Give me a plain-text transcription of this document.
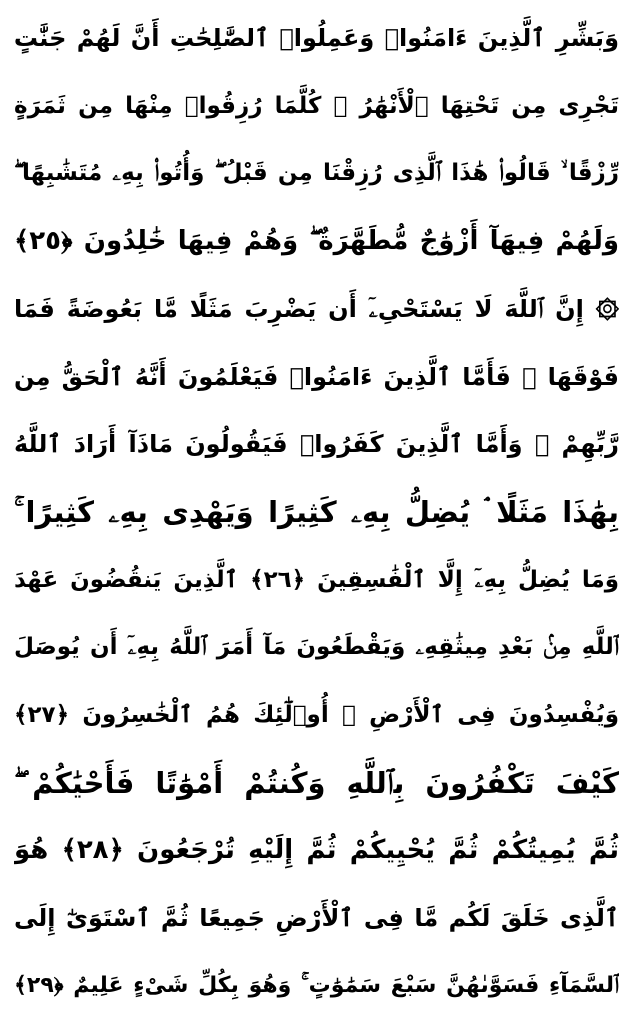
وَبَشِّرِ ٱلَّذِينَ ءَامَنُوا۟ وَعَمِلُوا۟ ٱلصَّٰلِحَٰتِ أَنَّ لَهُمْ جَنَّٰتٍ
تَجْرِى مِن تَحْتِهَا ٱلْأَنْهَٰرُ ۖ كُلَّمَا رُزِقُوا۟ مِنْهَا مِن ثَمَرَةٍ
رِّزْقًا ۙ قَالُوا۟ هَٰذَا ٱلَّذِى رُزِقْنَا مِن قَبْلُ ۖ وَأُتُوا۟ بِهِۦ مُتَشَٰبِهًا ۖ
وَلَهُمْ فِيهَآ أَزْوَٰجٌ مُّطَهَّرَةٌ ۖ وَهُمْ فِيهَا خَٰلِدُونَ ﴿٢٥﴾
۞ إِنَّ ٱللَّهَ لَا يَسْتَحْىِۦٓ أَن يَضْرِبَ مَثَلًا مَّا بَعُوضَةً فَمَا
فَوْقَهَا ۚ فَأَمَّا ٱلَّذِينَ ءَامَنُوا۟ فَيَعْلَمُونَ أَنَّهُ ٱلْحَقُّ مِن
رَّبِّهِمْ ۖ وَأَمَّا ٱلَّذِينَ كَفَرُوا۟ فَيَقُولُونَ مَاذَآ أَرَادَ ٱللَّهُ
بِهَٰذَا مَثَلًا ۘ يُضِلُّ بِهِۦ كَثِيرًا وَيَهْدِى بِهِۦ كَثِيرًا ۚ
وَمَا يُضِلُّ بِهِۦٓ إِلَّا ٱلْفَٰسِقِينَ ﴿٢٦﴾ ٱلَّذِينَ يَنقُضُونَ عَهْدَ
ٱللَّهِ مِنۢ بَعْدِ مِيثَٰقِهِۦ وَيَقْطَعُونَ مَآ أَمَرَ ٱللَّهُ بِهِۦٓ أَن يُوصَلَ
وَيُفْسِدُونَ فِى ٱلْأَرْضِ ۚ أُو۟لَٰٓئِكَ هُمُ ٱلْخَٰسِرُونَ ﴿٢٧﴾
كَيْفَ تَكْفُرُونَ بِٱللَّهِ وَكُنتُمْ أَمْوَٰتًا فَأَحْيَٰكُمْ ۖ
ثُمَّ يُمِيتُكُمْ ثُمَّ يُحْيِيكُمْ ثُمَّ إِلَيْهِ تُرْجَعُونَ ﴿٢٨﴾ هُوَ
ٱلَّذِى خَلَقَ لَكُم مَّا فِى ٱلْأَرْضِ جَمِيعًا ثُمَّ ٱسْتَوَىٰٓ إِلَى
ٱلسَّمَآءِ فَسَوَّىٰهُنَّ سَبْعَ سَمَٰوَٰتٍ ۚ وَهُوَ بِكُلِّ شَىْءٍ عَلِيمٌ ﴿٢٩﴾
